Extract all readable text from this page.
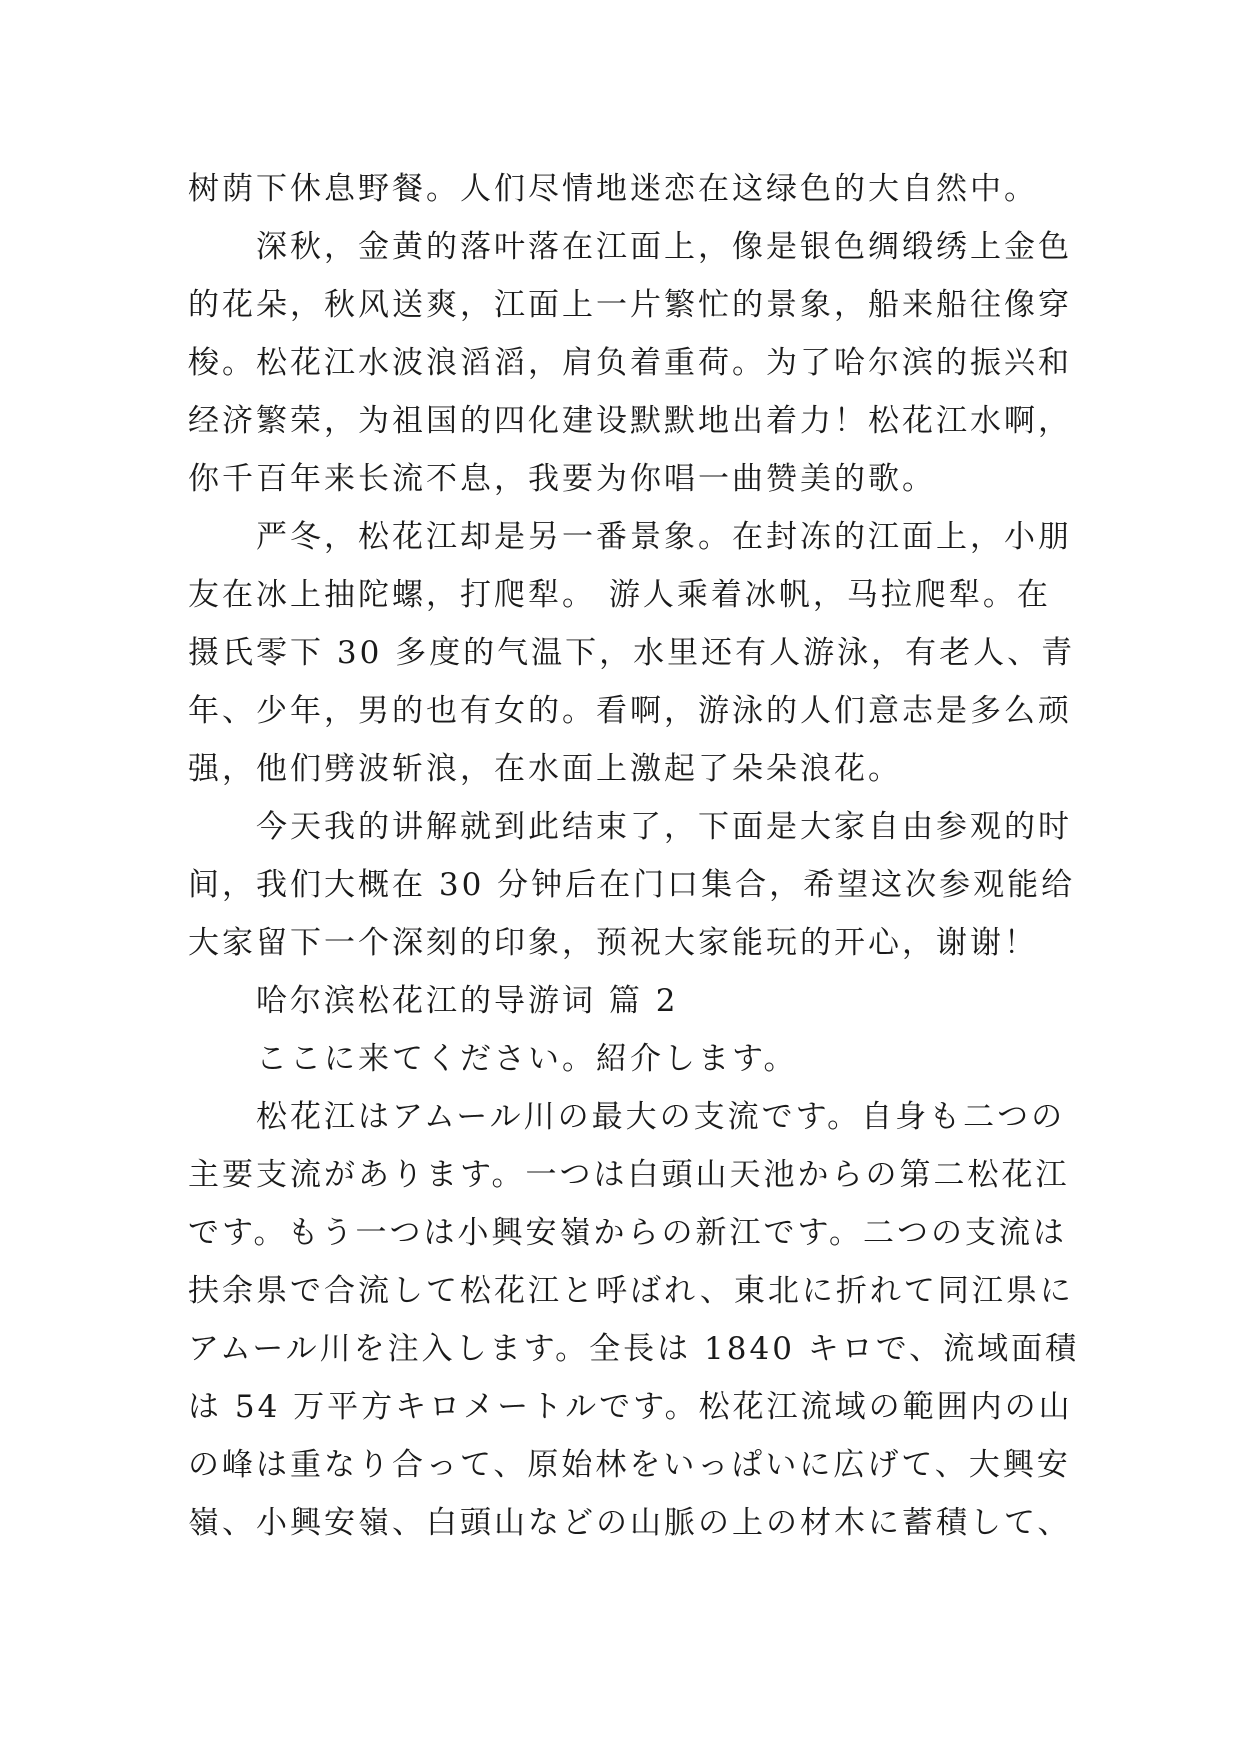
树荫下休息野餐。人们尽情地迷恋在这绿色的大自然中。
深秋，金黄的落叶落在江面上，像是银色绸缎绣上金色
的花朵，秋风送爽，江面上一片繁忙的景象，船来船往像穿
梭。松花江水波浪滔滔，肩负着重荷。为了哈尔滨的振兴和
经济繁荣，为祖国的四化建设默默地出着力！松花江水啊，
你千百年来长流不息，我要为你唱一曲赞美的歌。
严冬，松花江却是另一番景象。在封冻的江面上，小朋
友在冰上抽陀螺，打爬犁。 游人乘着冰帆，马拉爬犁。在
摄氏零下 30 多度的气温下，水里还有人游泳，有老人、青
年、少年，男的也有女的。看啊，游泳的人们意志是多么顽
强，他们劈波斩浪，在水面上激起了朵朵浪花。
今天我的讲解就到此结束了，下面是大家自由参观的时
间，我们大概在 30 分钟后在门口集合，希望这次参观能给
大家留下一个深刻的印象，预祝大家能玩的开心，谢谢！
哈尔滨松花江的导游词 篇 2
ここに来てください。紹介します。
松花江はアムール川の最大の支流です。自身も二つの
主要支流があります。一つは白頭山天池からの第二松花江
です。もう一つは小興安嶺からの新江です。二つの支流は
扶余県で合流して松花江と呼ばれ、東北に折れて同江県に
アムール川を注入します。全長は 1840 キロで、流域面積
は 54 万平方キロメートルです。松花江流域の範囲内の山
の峰は重なり合って、原始林をいっぱいに広げて、大興安
嶺、小興安嶺、白頭山などの山脈の上の材木に蓄積して、
